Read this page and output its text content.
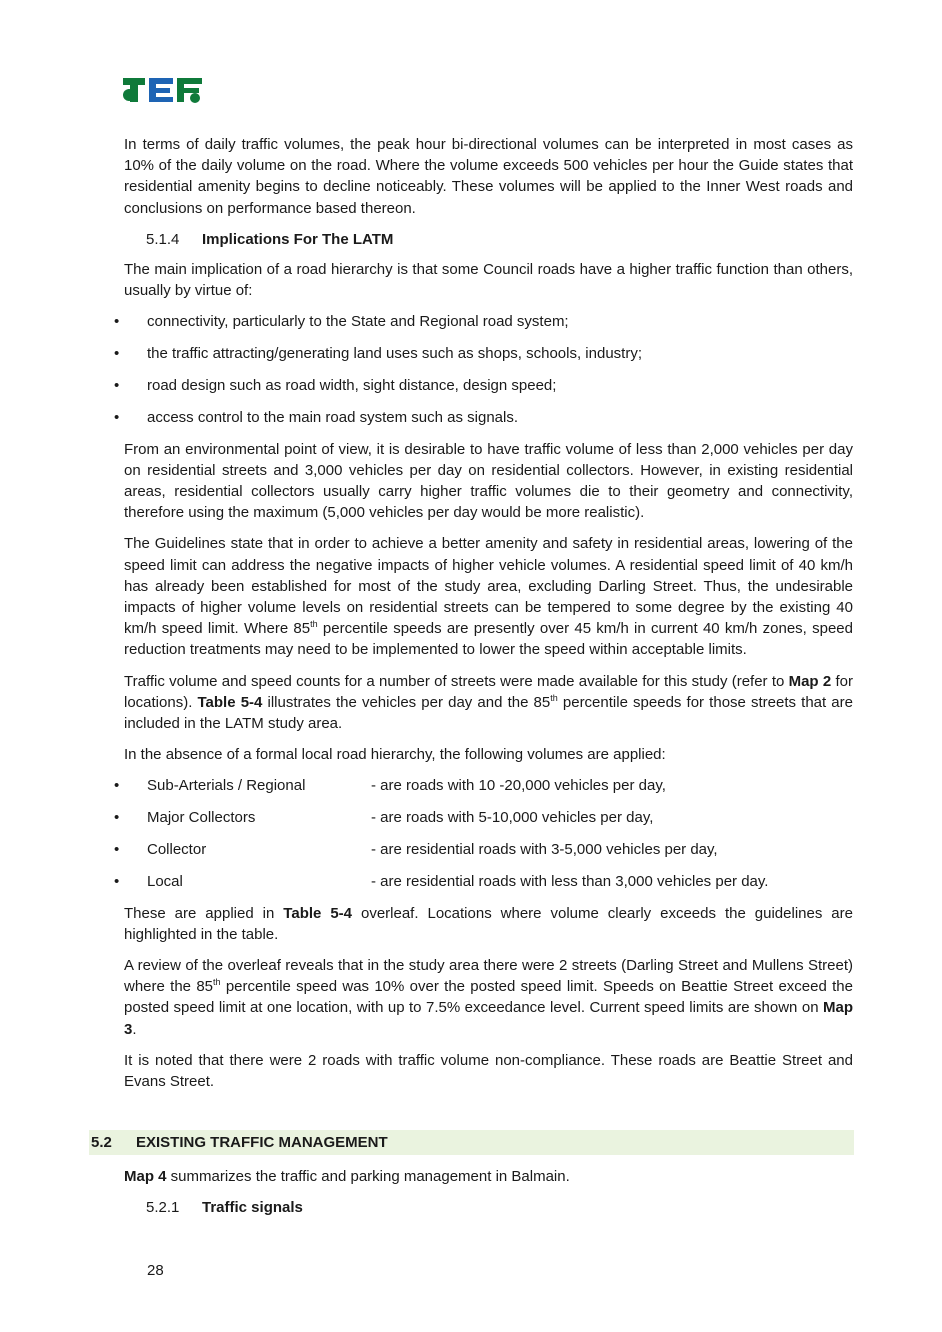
In terms of daily traffic volumes, the peak hour bi-directional volumes can be interpreted in most cases as 10% of the daily volume on the road. Where the volume exceeds 500 vehicles per hour the Guide states that residential amenity begins to decline noticeably. These volumes will be applied to the Inner West roads and conclusions on performance based thereon.

5.1.4	Implications For The LATM

The main implication of a road hierarchy is that some Council roads have a higher traffic function than others, usually by virtue of:

• connectivity, particularly to the State and Regional road system;
• the traffic attracting/generating land uses such as shops, schools, industry;
• road design such as road width, sight distance, design speed;
• access control to the main road system such as signals.

From an environmental point of view, it is desirable to have traffic volume of less than 2,000 vehicles per day on residential streets and 3,000 vehicles per day on residential collectors. However, in existing residential areas, residential collectors usually carry higher traffic volumes die to their geometry and connectivity, therefore using the maximum (5,000 vehicles per day would be more realistic).

The Guidelines state that in order to achieve a better amenity and safety in residential areas, lowering of the speed limit can address the negative impacts of higher vehicle volumes. A residential speed limit of 40 km/h has already been established for most of the study area, excluding Darling Street. Thus, the undesirable impacts of higher volume levels on residential streets can be tempered to some degree by the existing 40 km/h speed limit. Where 85th percentile speeds are presently over 45 km/h in current 40 km/h zones, speed reduction treatments may need to be implemented to lower the speed within acceptable limits.

Traffic volume and speed counts for a number of streets were made available for this study (refer to Map 2 for locations). Table 5-4 illustrates the vehicles per day and the 85th percentile speeds for those streets that are included in the LATM study area.

In the absence of a formal local road hierarchy, the following volumes are applied:

• Sub-Arterials / Regional	- are roads with 10 -20,000 vehicles per day,
• Major Collectors	- are roads with 5-10,000 vehicles per day,
• Collector	- are residential roads with 3-5,000 vehicles per day,
• Local	- are residential roads with less than 3,000 vehicles per day.

These are applied in Table 5-4 overleaf. Locations where volume clearly exceeds the guidelines are highlighted in the table.

A review of the overleaf reveals that in the study area there were 2 streets (Darling Street and Mullens Street) where the 85th percentile speed was 10% over the posted speed limit. Speeds on Beattie Street exceed the posted speed limit at one location, with up to 7.5% exceedance level. Current speed limits are shown on Map 3.

It is noted that there were 2 roads with traffic volume non-compliance. These roads are Beattie Street and Evans Street.

5.2 EXISTING TRAFFIC MANAGEMENT

Map 4 summarizes the traffic and parking management in Balmain.

5.2.1	Traffic signals
28
